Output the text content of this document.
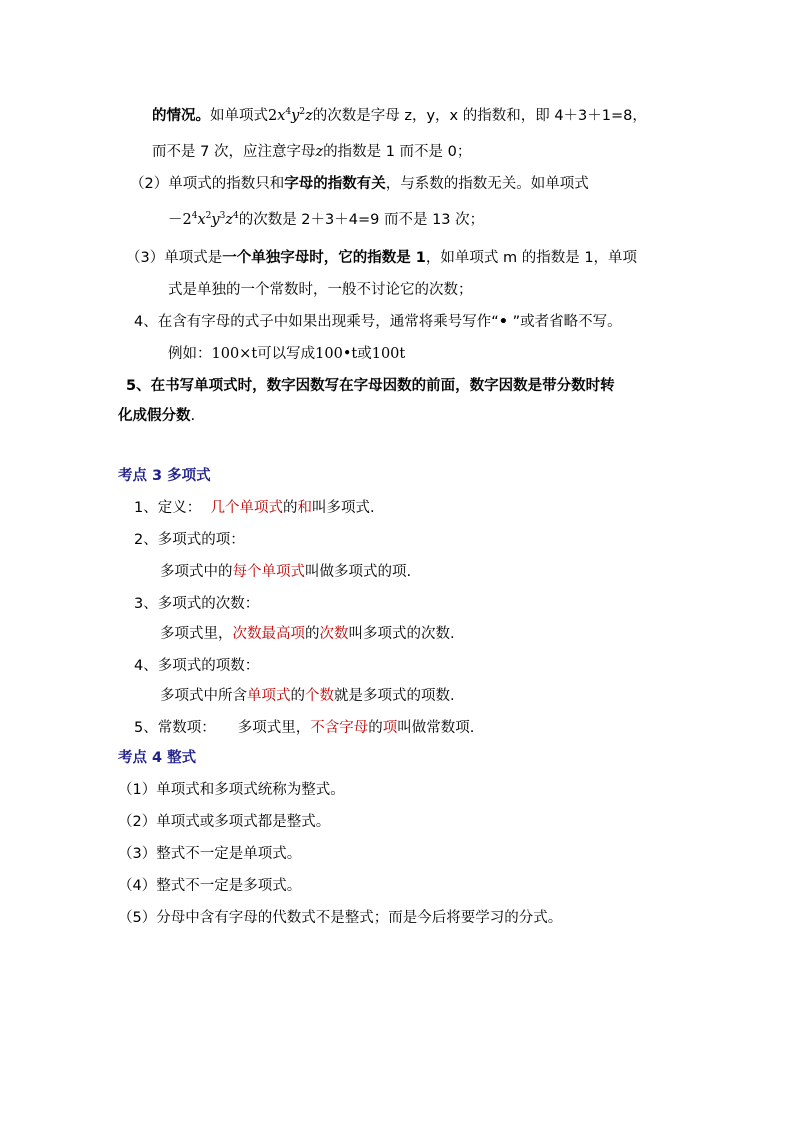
的情况。如单项式$2x^4y^2z$的次数是字母 z，y，x 的指数和，即 4＋3＋1=8，
而不是 7 次，应注意字母z的指数是 1 而不是 0；
（2）单项式的指数只和字母的指数有关，与系数的指数无关。如单项式
$-2^4x^2y^3z^4$的次数是 2＋3＋4=9 而不是 13 次；
（3）单项式是一个单独字母时，它的指数是 1，如单项式 m 的指数是 1，单项
式是单独的一个常数时，一般不讨论它的次数；
4、在含有字母的式子中如果出现乘号，通常将乘号写作“• ”或者省略不写。
例如：100×t可以写成100•t或100t
5、在书写单项式时，数字因数写在字母因数的前面，数字因数是带分数时转
化成假分数.
考点 3 多项式
1、定义： 几个单项式的和叫多项式.
2、多项式的项：
多项式中的每个单项式叫做多项式的项.
3、多项式的次数：
多项式里，次数最高项的次数叫多项式的次数.
4、多项式的项数：
多项式中所含单项式的个数就是多项式的项数.
5、常数项： 多项式里，不含字母的项叫做常数项.
考点 4 整式
（1）单项式和多项式统称为整式。
（2）单项式或多项式都是整式。
（3）整式不一定是单项式。
（4）整式不一定是多项式。
（5）分母中含有字母的代数式不是整式；而是今后将要学习的分式。
